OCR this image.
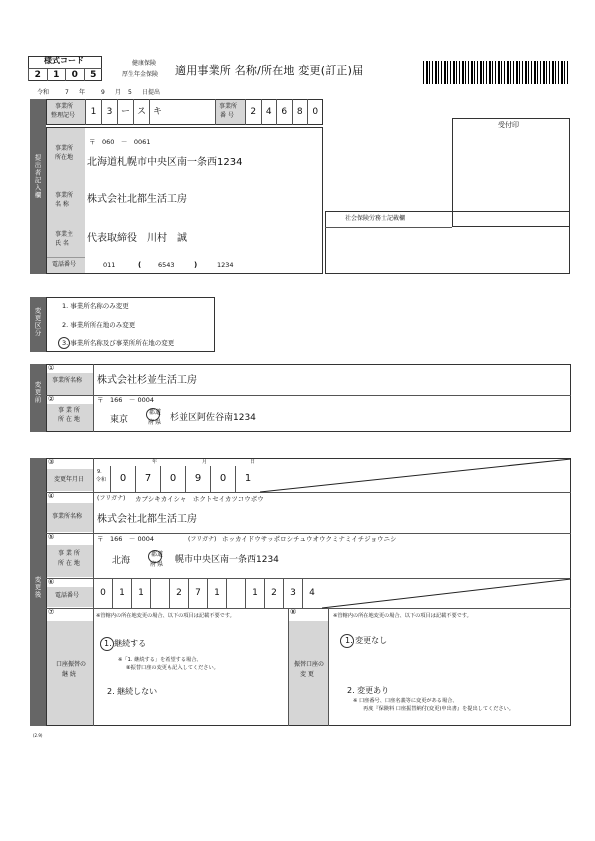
様式コード
2	1	0	5
健康保険
厚生年金保険 適用事業所 名称/所在地 変更(訂正)届
令和	7 年	9 月 5 日提出
提出者記入欄
事業所
整理記号	1	3 ー ス キ
事業所
番 号	2	4	6	8	0
事業所
所在地
〒　060　－　0061
北海道札幌市中央区南一条西1234
事業所
名 称 株式会社北都生活工房
事業主
氏 名 代表取締役　川村　誠
電話番号	011	(	6543	)	1234
受付印
社会保険労務士記載欄
変更区分
1. 事業所名称のみ変更
2. 事業所所在地のみ変更
3. 事業所名称及び事業所所在地の変更
変更前
①
事業所名称 株式会社杉並生活工房
②
事 業 所
所 在 地
〒　166　－ 0004
東京
都 道
府 県 杉並区阿佐谷南1234
変更後
③
変更年月日
9.
令和	0	7	0	9	0	1
年	月	日
④	(フリガナ) カブシキカイシャ　ホクトセイカツコウボウ
事業所名称 株式会社北都生活工房
⑤
事 業 所
所 在 地
〒　166　－ 0004	(フリガナ) ホッカイドウサッポロシチュウオウクミナミイチジョウニシ
北海
都 道
府 県 幌市中央区南一条西1234
⑥
電話番号	0	1	1	2	7	1	1	2	3	4
⑦
口座振替の
継 続
※管轄内の所在地変更の場合、以下の項目は記載不要です。
1. 継続する
※「1. 継続する」を希望する場合、
⑧振替口座の変更も記入してください。
2. 継続しない
⑧
振替口座の
変 更
※管轄内の所在地変更の場合、以下の項目は記載不要です。
1. 変更なし
2. 変更あり
※ 口座番号、口座名義等に変更がある場合、
再度『保険料 口座振替納付(変更)申出書』を提出してください。
(2.9)
